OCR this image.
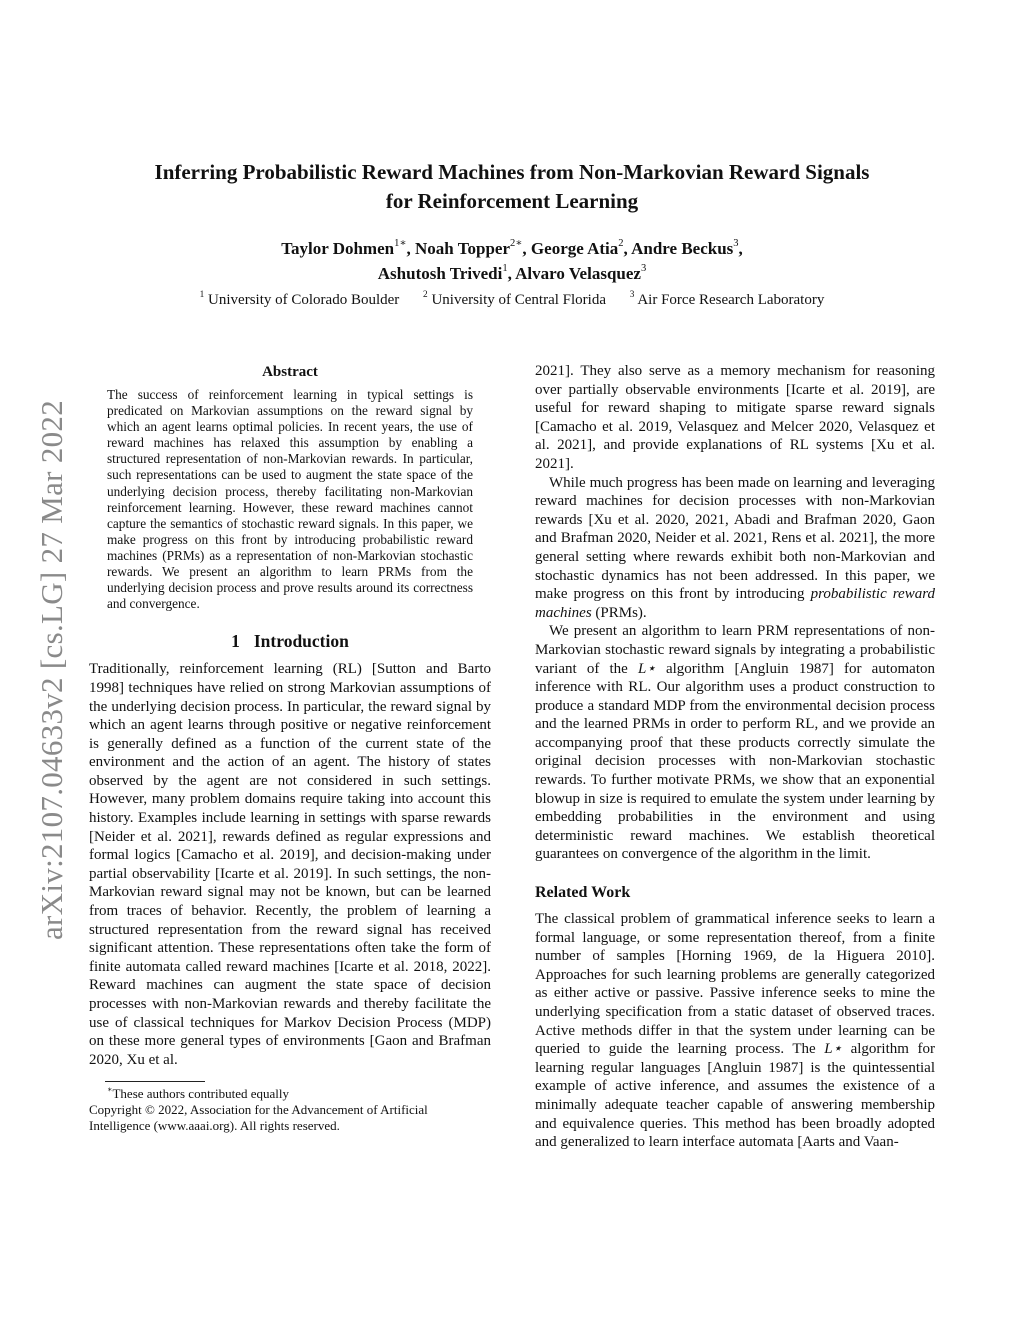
Inferring Probabilistic Reward Machines from Non-Markovian Reward Signals
for Reinforcement Learning
Taylor Dohmen$^{1∗}$, Noah Topper$^{2∗}$, George Atia$^2$, Andre Beckus$^3$,
Ashutosh Trivedi$^1$, Alvaro Velasquez$^3$
$^1$ University of Colorado Boulder	$^2$ University of Central Florida	$^3$ Air Force Research Laboratory
arXiv:2107.04633v2 [cs.LG] 27 Mar 2022
Abstract
The success of reinforcement learning in typical settings is predicated on Markovian assumptions on the reward signal by which an agent learns optimal policies. In recent years, the use of reward machines has relaxed this assumption by enabling a structured representation of non-Markovian rewards. In particular, such representations can be used to augment the state space of the underlying decision process, thereby facilitating non-Markovian reinforcement learning. However, these reward machines cannot capture the semantics of stochastic reward signals. In this paper, we make progress on this front by introducing probabilistic reward machines (PRMs) as a representation of non-Markovian stochastic rewards. We present an algorithm to learn PRMs from the underlying decision process and prove results around its correctness and convergence.
1 Introduction

Traditionally, reinforcement learning (RL) [Sutton and Barto 1998] techniques have relied on strong Markovian assumptions of the underlying decision process. In particular, the reward signal by which an agent learns through positive or negative reinforcement is generally defined as a function of the current state of the environment and the action of an agent. The history of states observed by the agent are not considered in such settings. However, many problem domains require taking into account this history. Examples include learning in settings with sparse rewards [Neider et al. 2021], rewards defined as regular expressions and formal logics [Camacho et al. 2019], and decision-making under partial observability [Icarte et al. 2019]. In such settings, the non-Markovian reward signal may not be known, but can be learned from traces of behavior. Recently, the problem of learning a structured representation from the reward signal has received significant attention. These representations often take the form of finite automata called reward machines [Icarte et al. 2018, 2022]. Reward machines can augment the state space of decision processes with non-Markovian rewards and thereby facilitate the use of classical techniques for Markov Decision Process (MDP) on these more general types of environments [Gaon and Brafman 2020, Xu et al.

∗These authors contributed equally

Copyright © 2022, Association for the Advancement of Artificial Intelligence (www.aaai.org). All rights reserved.

2021]. They also serve as a memory mechanism for reasoning over partially observable environments [Icarte et al. 2019], are useful for reward shaping to mitigate sparse reward signals [Camacho et al. 2019, Velasquez and Melcer 2020, Velasquez et al. 2021], and provide explanations of RL systems [Xu et al. 2021].

While much progress has been made on learning and leveraging reward machines for decision processes with non-Markovian rewards [Xu et al. 2020, 2021, Abadi and Brafman 2020, Gaon and Brafman 2020, Neider et al. 2021, Rens et al. 2021], the more general setting where rewards exhibit both non-Markovian and stochastic dynamics has not been addressed. In this paper, we make progress on this front by introducing probabilistic reward machines (PRMs).

We present an algorithm to learn PRM representations of non-Markovian stochastic reward signals by integrating a probabilistic variant of the L⋆ algorithm [Angluin 1987] for automaton inference with RL. Our algorithm uses a product construction to produce a standard MDP from the environmental decision process and the learned PRMs in order to perform RL, and we provide an accompanying proof that these products correctly simulate the original decision processes with non-Markovian stochastic rewards. To further motivate PRMs, we show that an exponential blowup in size is required to emulate the system under learning by embedding probabilities in the environment and using deterministic reward machines. We establish theoretical guarantees on convergence of the algorithm in the limit.

Related Work

The classical problem of grammatical inference seeks to learn a formal language, or some representation thereof, from a finite number of samples [Horning 1969, de la Higuera 2010]. Approaches for such learning problems are generally categorized as either active or passive. Passive inference seeks to mine the underlying specification from a static dataset of observed traces. Active methods differ in that the system under learning can be queried to guide the learning process. The L⋆ algorithm for learning regular languages [Angluin 1987] is the quintessential example of active inference, and assumes the existence of a minimally adequate teacher capable of answering membership and equivalence queries. This method has been broadly adopted and generalized to learn interface automata [Aarts and Vaan-
